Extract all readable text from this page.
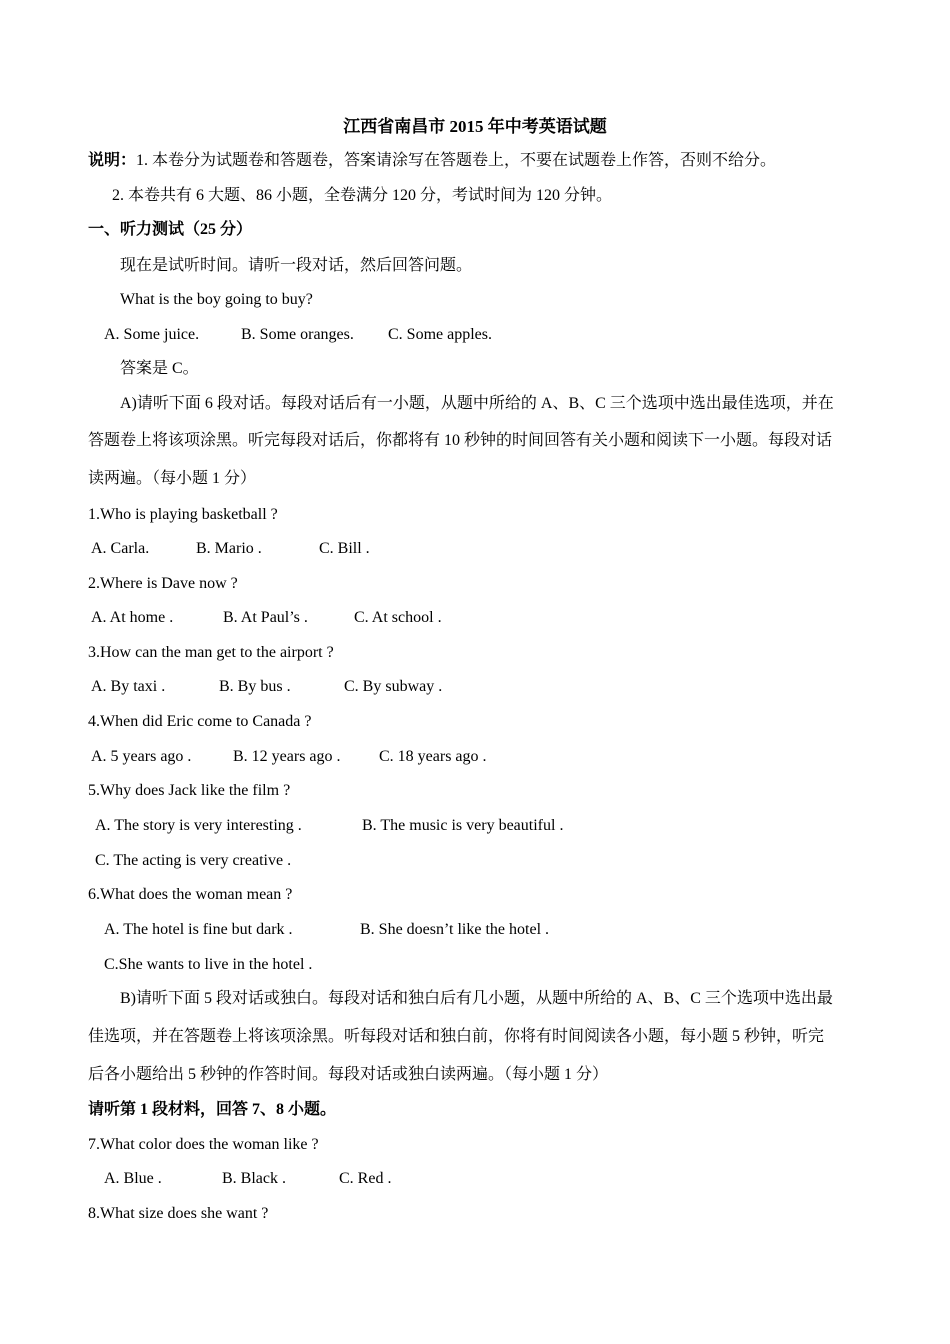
江西省南昌市 2015 年中考英语试题
说明：1. 本卷分为试题卷和答题卷，答案请涂写在答题卷上，不要在试题卷上作答，否则不给分。
2. 本卷共有 6 大题、86 小题，全卷满分 120 分，考试时间为 120 分钟。
一、听力测试（25 分）
现在是试听时间。请听一段对话，然后回答问题。
What is the boy going to buy?
A. Some juice.	B. Some oranges. C. Some apples.
答案是 C。
A)请听下面 6 段对话。每段对话后有一小题，从题中所给的 A、B、C 三个选项中选出最佳选项，并在
答题卷上将该项涂黑。听完每段对话后，你都将有 10 秒钟的时间回答有关小题和阅读下一小题。每段对话
读两遍。（每小题 1 分）
1.Who is playing basketball ?
A. Carla.	B. Mario .	C. Bill .
2.Where is Dave now ?
A. At home .	B. At Paul’s .	C. At school .
3.How can the man get to the airport ?
A. By taxi .	B. By bus .	C. By subway .
4.When did Eric come to Canada ?
A. 5 years ago .	B. 12 years ago . C. 18 years ago .
5.Why does Jack like the film ?
A. The story is very interesting .	B. The music is very beautiful .
C. The acting is very creative .
6.What does the woman mean ?
A. The hotel is fine but dark .	B. She doesn’t like the hotel .
C.She wants to live in the hotel .
B)请听下面 5 段对话或独白。每段对话和独白后有几小题，从题中所给的 A、B、C 三个选项中选出最
佳选项，并在答题卷上将该项涂黑。听每段对话和独白前，你将有时间阅读各小题，每小题 5 秒钟，听完
后各小题给出 5 秒钟的作答时间。每段对话或独白读两遍。（每小题 1 分）
请听第 1 段材料，回答 7、8 小题。
7.What color does the woman like ?
A. Blue .	B. Black .	C. Red .
8.What size does she want ?
